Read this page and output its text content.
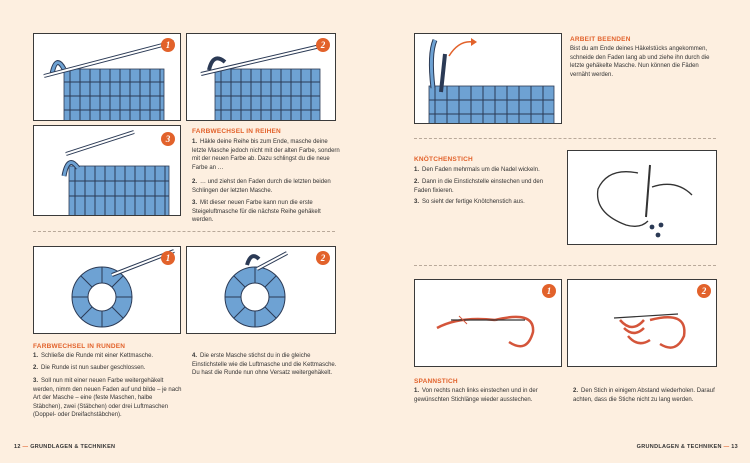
1	2
3
FARBWECHSEL IN REIHEN

1. Häkle deine Reihe bis zum Ende, masche deine letzte Masche jedoch nicht mit der alten Farbe, sondern mit der neuen Farbe ab. Dazu schlingst du die neue Farbe an …

2. … und ziehst den Faden durch die letzten beiden Schlingen der letzten Masche.

3. Mit dieser neuen Farbe kann nun die erste Steigeluftmasche für die nächste Reihe gehäkelt werden.

1	2
FARBWECHSEL IN RUNDEN

1. Schließe die Runde mit einer Kettmasche.

2. Die Runde ist nun sauber geschlossen.

3. Soll nun mit einer neuen Farbe weitergehäkelt werden, nimm den neuen Faden auf und bilde – je nach Art der Masche – eine (feste Maschen, halbe Stäbchen), zwei (Stäbchen) oder drei Luftmaschen (Doppel- oder Dreifachstäbchen).

4. Die erste Masche stichst du in die gleiche Einstichstelle wie die Luftmasche und die Kettmasche. Du hast die Runde nun ohne Versatz weitergehäkelt.

12 — GRUNDLAGEN & TECHNIKEN
ARBEIT BEENDEN

Bist du am Ende deines Häkelstücks angekommen, schneide den Faden lang ab und ziehe ihn durch die letzte gehäkelte Masche. Nun können die Fäden vernäht werden.

KNÖTCHENSTICH

1. Den Faden mehrmals um die Nadel wickeln.

2. Dann in die Einstichstelle einstechen und den Faden fixieren.

3. So sieht der fertige Knötchenstich aus.

1	2
SPANNSTICH

1. Von rechts nach links einstechen und in der gewünschten Stichlänge wieder ausstechen.

2. Den Stich in einigem Abstand wiederholen. Darauf achten, dass die Stiche nicht zu lang werden.

GRUNDLAGEN & TECHNIKEN — 13
